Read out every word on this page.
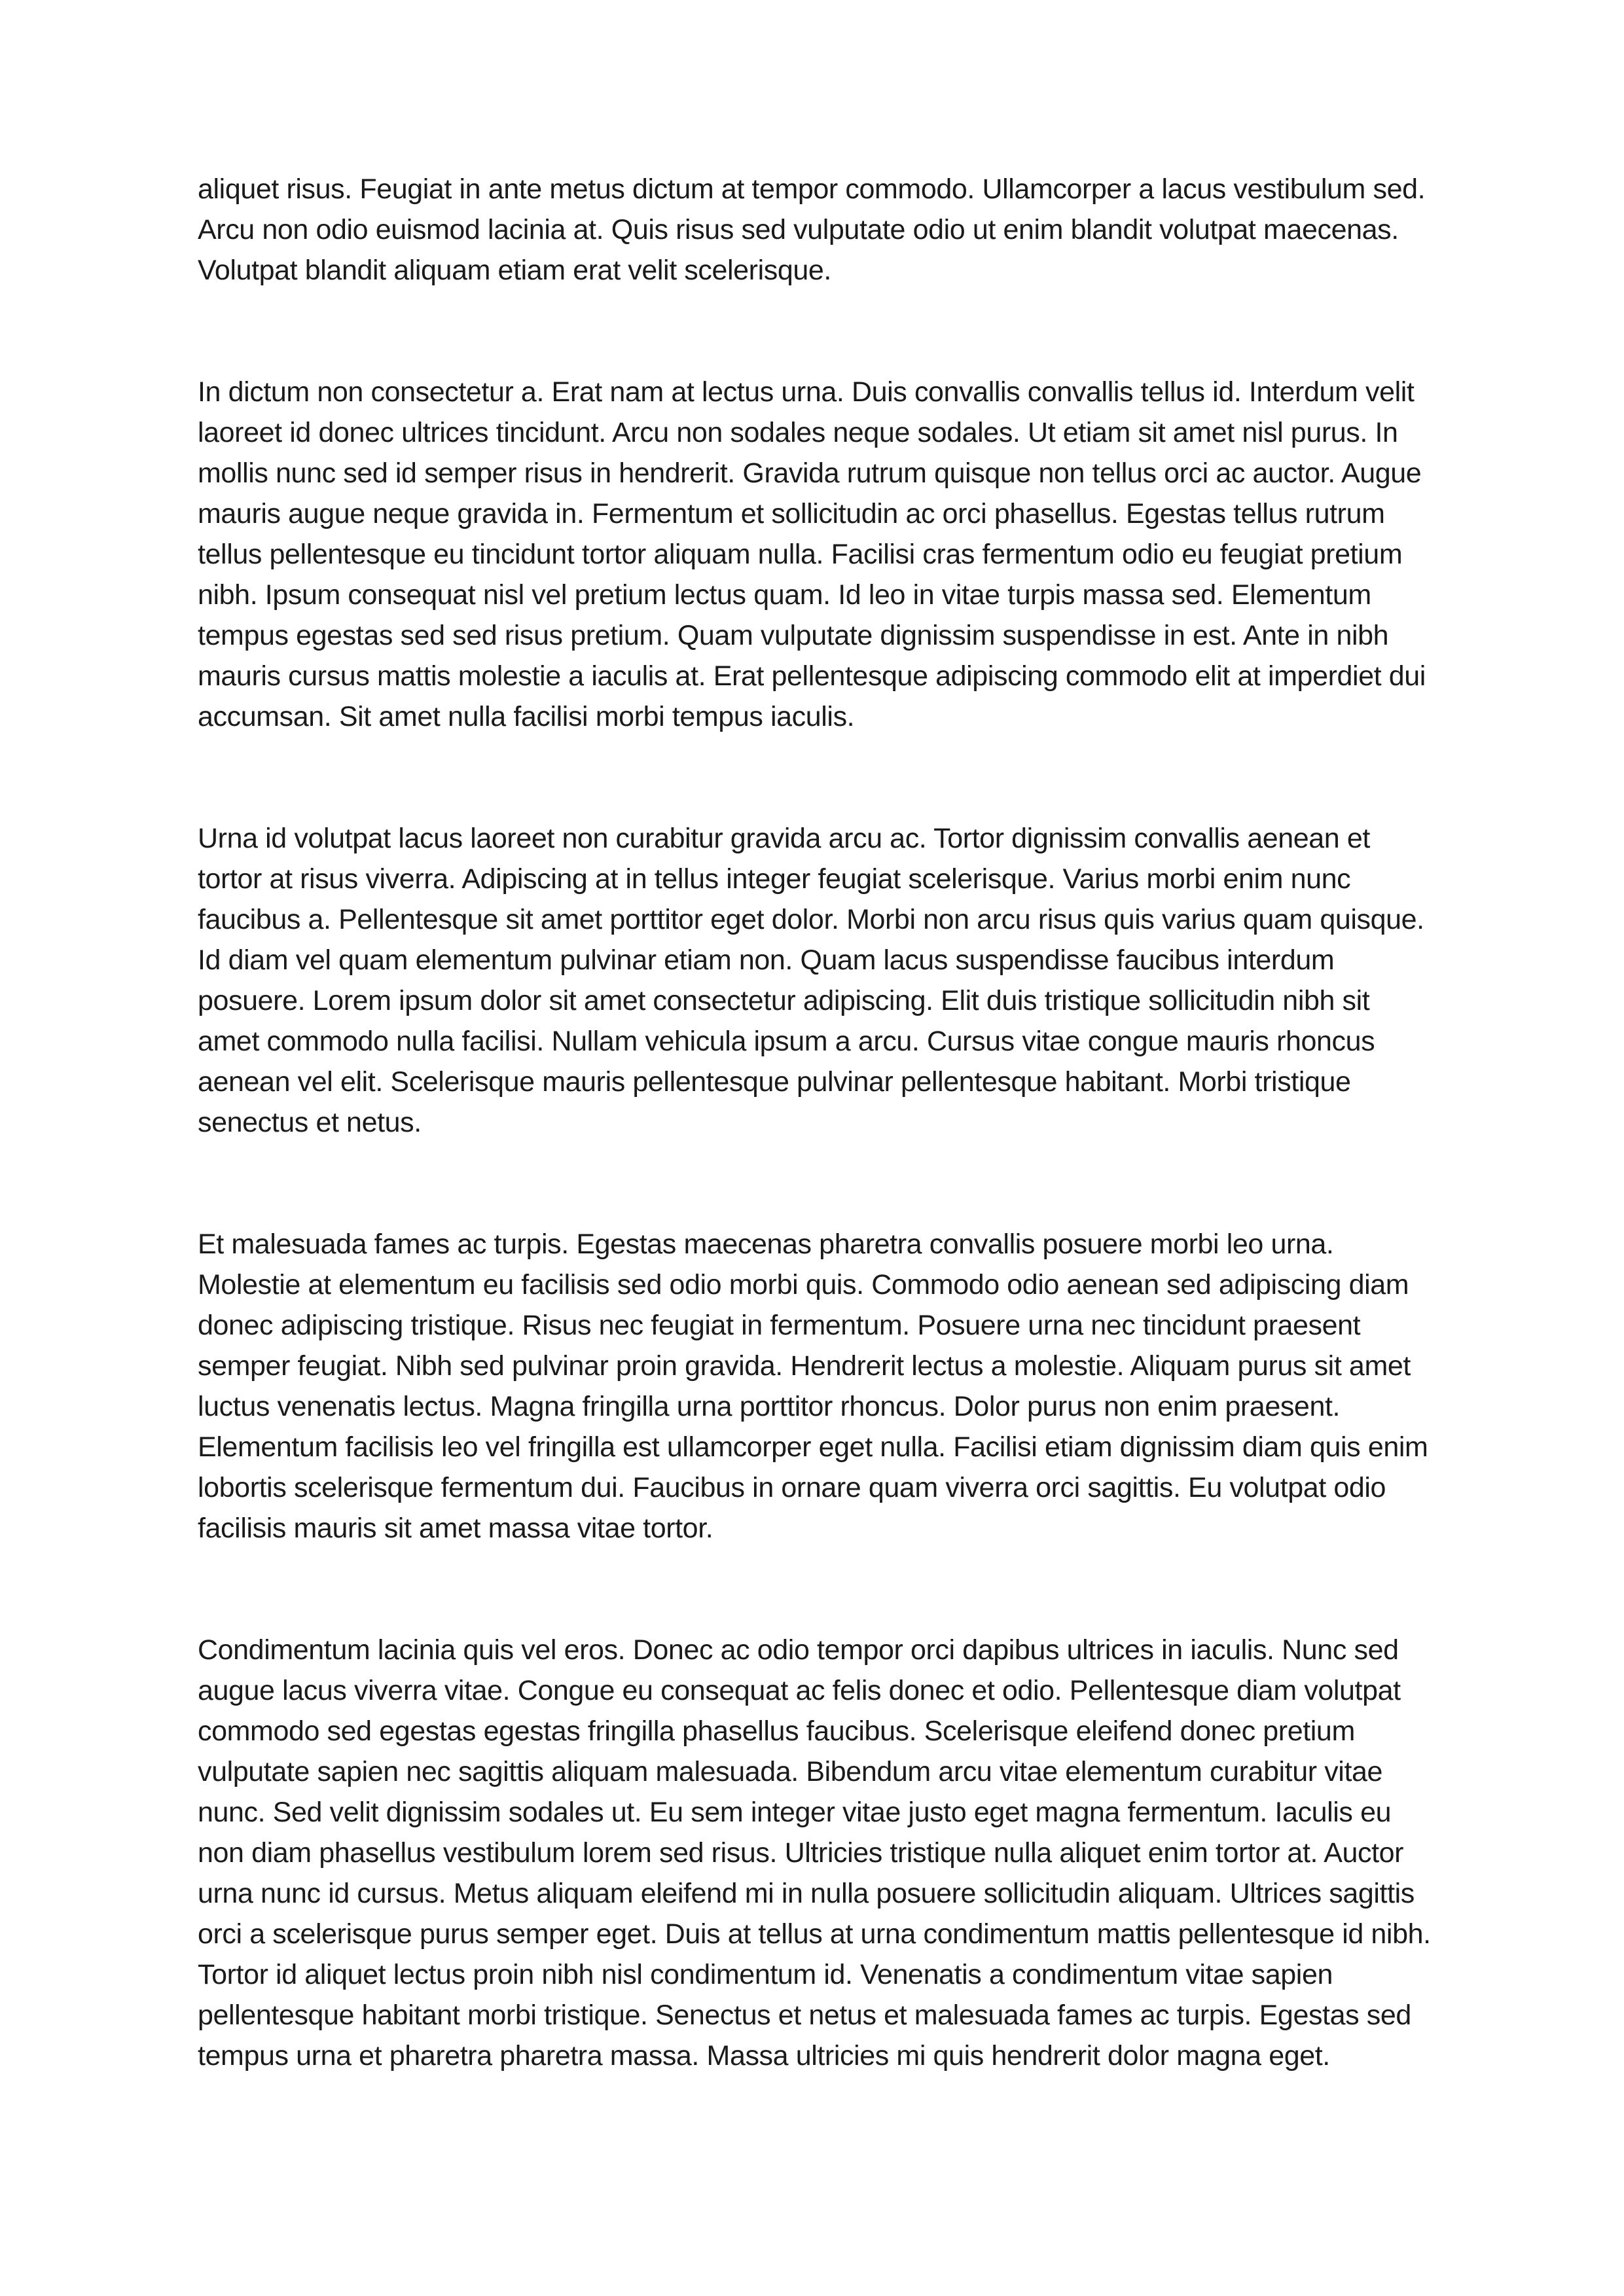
aliquet risus. Feugiat in ante metus dictum at tempor commodo. Ullamcorper a lacus vestibulum sed. Arcu non odio euismod lacinia at. Quis risus sed vulputate odio ut enim blandit volutpat maecenas. Volutpat blandit aliquam etiam erat velit scelerisque.

In dictum non consectetur a. Erat nam at lectus urna. Duis convallis convallis tellus id. Interdum velit laoreet id donec ultrices tincidunt. Arcu non sodales neque sodales. Ut etiam sit amet nisl purus. In mollis nunc sed id semper risus in hendrerit. Gravida rutrum quisque non tellus orci ac auctor. Augue mauris augue neque gravida in. Fermentum et sollicitudin ac orci phasellus. Egestas tellus rutrum tellus pellentesque eu tincidunt tortor aliquam nulla. Facilisi cras fermentum odio eu feugiat pretium nibh. Ipsum consequat nisl vel pretium lectus quam. Id leo in vitae turpis massa sed. Elementum tempus egestas sed sed risus pretium. Quam vulputate dignissim suspendisse in est. Ante in nibh mauris cursus mattis molestie a iaculis at. Erat pellentesque adipiscing commodo elit at imperdiet dui accumsan. Sit amet nulla facilisi morbi tempus iaculis.

Urna id volutpat lacus laoreet non curabitur gravida arcu ac. Tortor dignissim convallis aenean et tortor at risus viverra. Adipiscing at in tellus integer feugiat scelerisque. Varius morbi enim nunc faucibus a. Pellentesque sit amet porttitor eget dolor. Morbi non arcu risus quis varius quam quisque. Id diam vel quam elementum pulvinar etiam non. Quam lacus suspendisse faucibus interdum posuere. Lorem ipsum dolor sit amet consectetur adipiscing. Elit duis tristique sollicitudin nibh sit amet commodo nulla facilisi. Nullam vehicula ipsum a arcu. Cursus vitae congue mauris rhoncus aenean vel elit. Scelerisque mauris pellentesque pulvinar pellentesque habitant. Morbi tristique senectus et netus.

Et malesuada fames ac turpis. Egestas maecenas pharetra convallis posuere morbi leo urna. Molestie at elementum eu facilisis sed odio morbi quis. Commodo odio aenean sed adipiscing diam donec adipiscing tristique. Risus nec feugiat in fermentum. Posuere urna nec tincidunt praesent semper feugiat. Nibh sed pulvinar proin gravida. Hendrerit lectus a molestie. Aliquam purus sit amet luctus venenatis lectus. Magna fringilla urna porttitor rhoncus. Dolor purus non enim praesent. Elementum facilisis leo vel fringilla est ullamcorper eget nulla. Facilisi etiam dignissim diam quis enim lobortis scelerisque fermentum dui. Faucibus in ornare quam viverra orci sagittis. Eu volutpat odio facilisis mauris sit amet massa vitae tortor.

Condimentum lacinia quis vel eros. Donec ac odio tempor orci dapibus ultrices in iaculis. Nunc sed augue lacus viverra vitae. Congue eu consequat ac felis donec et odio. Pellentesque diam volutpat commodo sed egestas egestas fringilla phasellus faucibus. Scelerisque eleifend donec pretium vulputate sapien nec sagittis aliquam malesuada. Bibendum arcu vitae elementum curabitur vitae nunc. Sed velit dignissim sodales ut. Eu sem integer vitae justo eget magna fermentum. Iaculis eu non diam phasellus vestibulum lorem sed risus. Ultricies tristique nulla aliquet enim tortor at. Auctor urna nunc id cursus. Metus aliquam eleifend mi in nulla posuere sollicitudin aliquam. Ultrices sagittis orci a scelerisque purus semper eget. Duis at tellus at urna condimentum mattis pellentesque id nibh. Tortor id aliquet lectus proin nibh nisl condimentum id. Venenatis a condimentum vitae sapien pellentesque habitant morbi tristique. Senectus et netus et malesuada fames ac turpis. Egestas sed tempus urna et pharetra pharetra massa. Massa ultricies mi quis hendrerit dolor magna eget.
